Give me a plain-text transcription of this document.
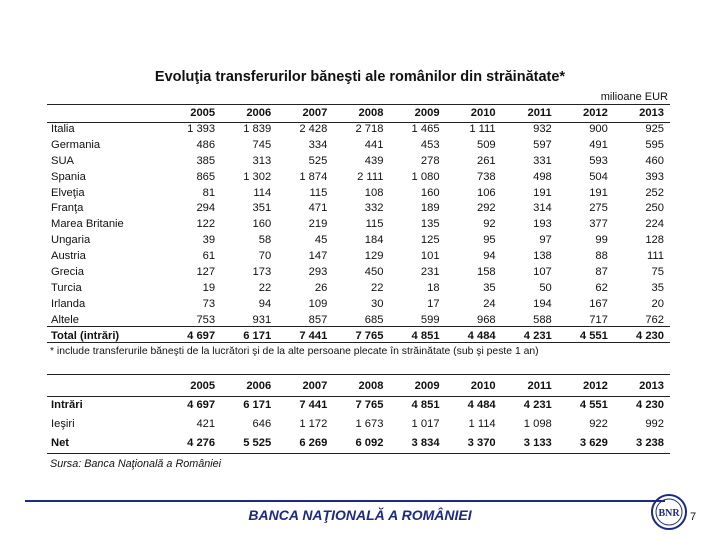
Evoluţia transferurilor băneşti ale românilor din străinătate*
milioane EUR
	2005	2006	2007	2008	2009	2010	2011	2012	2013
Italia	1 393	1 839	2 428	2 718	1 465	1 111	932	900	925
Germania	486	745	334	441	453	509	597	491	595
SUA	385	313	525	439	278	261	331	593	460
Spania	865	1 302	1 874	2 111	1 080	738	498	504	393
Elveţia	81	114	115	108	160	106	191	191	252
Franţa	294	351	471	332	189	292	314	275	250
Marea Britanie	122	160	219	115	135	92	193	377	224
Ungaria	39	58	45	184	125	95	97	99	128
Austria	61	70	147	129	101	94	138	88	111
Grecia	127	173	293	450	231	158	107	87	75
Turcia	19	22	26	22	18	35	50	62	35
Irlanda	73	94	109	30	17	24	194	167	20
Altele	753	931	857	685	599	968	588	717	762
Total (intrări)	4 697	6 171	7 441	7 765	4 851	4 484	4 231	4 551	4 230
* include transferurile băneşti de la lucrători şi de la alte persoane plecate în străinătate (sub şi peste 1 an)
	2005	2006	2007	2008	2009	2010	2011	2012	2013
Intrări	4 697	6 171	7 441	7 765	4 851	4 484	4 231	4 551	4 230
Ieşiri	421	646	1 172	1 673	1 017	1 114	1 098	922	992
Net	4 276	5 525	6 269	6 092	3 834	3 370	3 133	3 629	3 238
Sursa: Banca Naţională a României
BANCA NAŢIONALĂ A ROMÂNIEI	BNR 7
